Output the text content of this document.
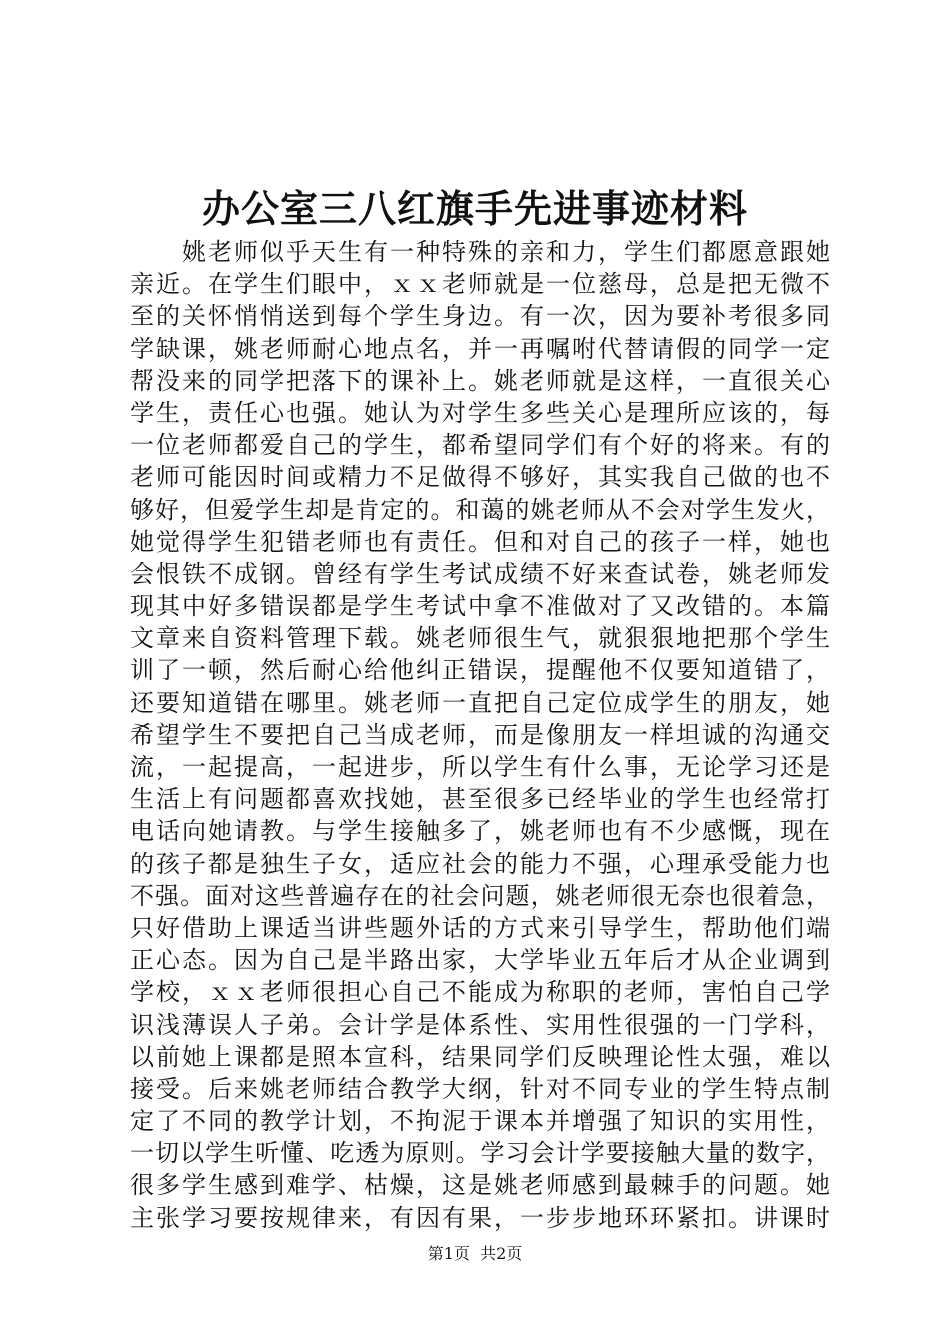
办公室三八红旗手先进事迹材料
　　姚老师似乎天生有一种特殊的亲和力，学生们都愿意跟她
亲近。在学生们眼中，ｘｘ老师就是一位慈母，总是把无微不
至的关怀悄悄送到每个学生身边。有一次，因为要补考很多同
学缺课，姚老师耐心地点名，并一再嘱咐代替请假的同学一定
帮没来的同学把落下的课补上。姚老师就是这样，一直很关心
学生，责任心也强。她认为对学生多些关心是理所应该的，每
一位老师都爱自己的学生，都希望同学们有个好的将来。有的
老师可能因时间或精力不足做得不够好，其实我自己做的也不
够好，但爱学生却是肯定的。和蔼的姚老师从不会对学生发火，
她觉得学生犯错老师也有责任。但和对自己的孩子一样，她也
会恨铁不成钢。曾经有学生考试成绩不好来查试卷，姚老师发
现其中好多错误都是学生考试中拿不准做对了又改错的。本篇
文章来自资料管理下载。姚老师很生气，就狠狠地把那个学生
训了一顿，然后耐心给他纠正错误，提醒他不仅要知道错了，
还要知道错在哪里。姚老师一直把自己定位成学生的朋友，她
希望学生不要把自己当成老师，而是像朋友一样坦诚的沟通交
流，一起提高，一起进步，所以学生有什么事，无论学习还是
生活上有问题都喜欢找她，甚至很多已经毕业的学生也经常打
电话向她请教。与学生接触多了，姚老师也有不少感慨，现在
的孩子都是独生子女，适应社会的能力不强，心理承受能力也
不强。面对这些普遍存在的社会问题，姚老师很无奈也很着急，
只好借助上课适当讲些题外话的方式来引导学生，帮助他们端
正心态。因为自己是半路出家，大学毕业五年后才从企业调到
学校，ｘｘ老师很担心自己不能成为称职的老师，害怕自己学
识浅薄误人子弟。会计学是体系性、实用性很强的一门学科，
以前她上课都是照本宣科，结果同学们反映理论性太强，难以
接受。后来姚老师结合教学大纲，针对不同专业的学生特点制
定了不同的教学计划，不拘泥于课本并增强了知识的实用性，
一切以学生听懂、吃透为原则。学习会计学要接触大量的数字，
很多学生感到难学、枯燥，这是姚老师感到最棘手的问题。她
主张学习要按规律来，有因有果，一步步地环环紧扣。讲课时
第1页  共2页
